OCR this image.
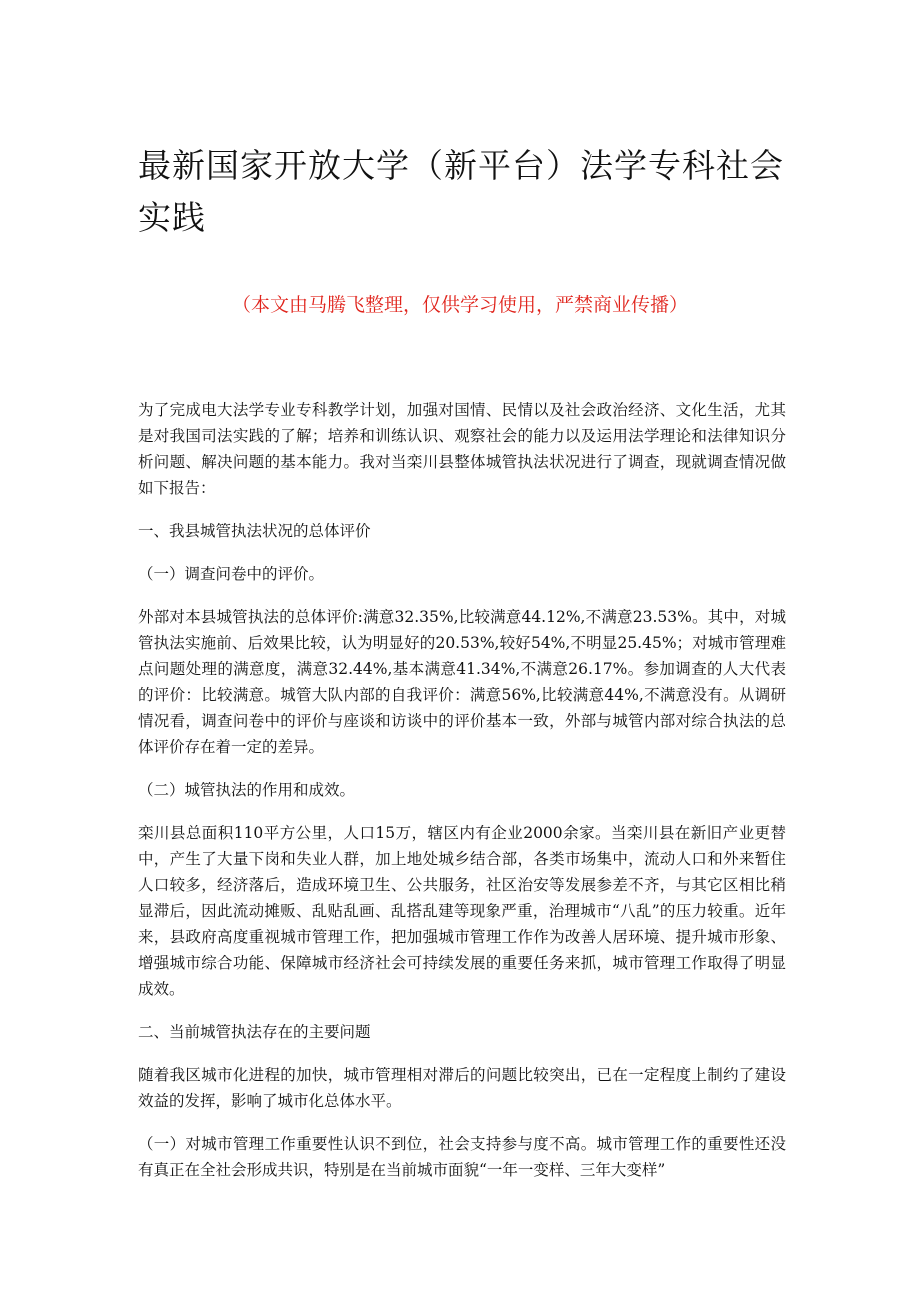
最新国家开放大学（新平台）法学专科社会实践

（本文由马腾飞整理，仅供学习使用，严禁商业传播）

为了完成电大法学专业专科教学计划，加强对国情、民情以及社会政治经济、文化生活，尤其是对我国司法实践的了解；培养和训练认识、观察社会的能力以及运用法学理论和法律知识分析问题、解决问题的基本能力。我对当栾川县整体城管执法状况进行了调查，现就调查情况做如下报告：

一、我县城管执法状况的总体评价

（一）调查问卷中的评价。

外部对本县城管执法的总体评价:满意32.35%,比较满意44.12%,不满意23.53%。其中，对城管执法实施前、后效果比较，认为明显好的20.53%,较好54%,不明显25.45%；对城市管理难点问题处理的满意度，满意32.44%,基本满意41.34%,不满意26.17%。参加调查的人大代表的评价：比较满意。城管大队内部的自我评价：满意56%,比较满意44%,不满意没有。从调研情况看，调查问卷中的评价与座谈和访谈中的评价基本一致，外部与城管内部对综合执法的总体评价存在着一定的差异。

（二）城管执法的作用和成效。

栾川县总面积110平方公里，人口15万，辖区内有企业2000余家。当栾川县在新旧产业更替中，产生了大量下岗和失业人群，加上地处城乡结合部，各类市场集中，流动人口和外来暂住人口较多，经济落后，造成环境卫生、公共服务，社区治安等发展参差不齐，与其它区相比稍显滞后，因此流动摊贩、乱贴乱画、乱搭乱建等现象严重，治理城市“八乱”的压力较重。近年来，县政府高度重视城市管理工作，把加强城市管理工作作为改善人居环境、提升城市形象、增强城市综合功能、保障城市经济社会可持续发展的重要任务来抓，城市管理工作取得了明显成效。

二、当前城管执法存在的主要问题

随着我区城市化进程的加快，城市管理相对滞后的问题比较突出，已在一定程度上制约了建设效益的发挥，影响了城市化总体水平。

（一）对城市管理工作重要性认识不到位，社会支持参与度不高。城市管理工作的重要性还没有真正在全社会形成共识，特别是在当前城市面貌“一年一变样、三年大变样”
